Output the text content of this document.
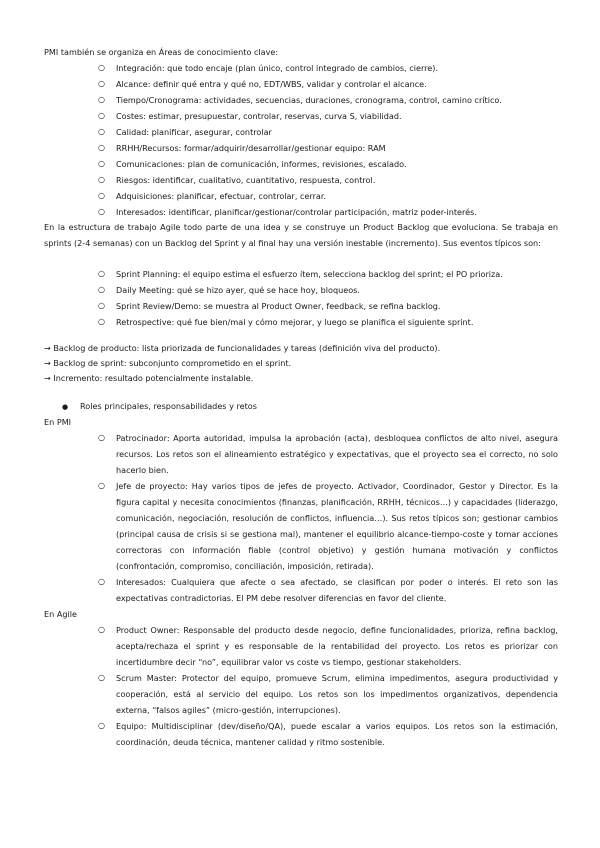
PMI también se organiza en Áreas de conocimiento clave:

○ Integración: que todo encaje (plan único, control integrado de cambios, cierre).
○ Alcance: definir qué entra y qué no, EDT/WBS, validar y controlar el alcance.
○ Tiempo/Cronograma: actividades, secuencias, duraciones, cronograma, control, camino crítico.
○ Costes: estimar, presupuestar, controlar, reservas, curva S, viabilidad.
○ Calidad: planificar, asegurar, controlar
○ RRHH/Recursos: formar/adquirir/desarrollar/gestionar equipo: RAM
○ Comunicaciones: plan de comunicación, informes, revisiones, escalado.
○ Riesgos: identificar, cualitativo, cuantitativo, respuesta, control.
○ Adquisiciones: planificar, efectuar, controlar, cerrar.
○ Interesados: identificar, planificar/gestionar/controlar participación, matriz poder-interés.

En la estructura de trabajo Agile todo parte de una idea y se construye un Product Backlog que evoluciona. Se trabaja en sprints (2-4 semanas) con un Backlog del Sprint y al final hay una versión inestable (incremento). Sus eventos típicos son:

○ Sprint Planning: el equipo estima el esfuerzo ítem, selecciona backlog del sprint; el PO prioriza.
○ Daily Meeting: qué se hizo ayer, qué se hace hoy, bloqueos.
○ Sprint Review/Demo: se muestra al Product Owner, feedback, se refina backlog.
○ Retrospective: qué fue bien/mal y cómo mejorar, y luego se planifica el siguiente sprint.
→ Backlog de producto: lista priorizada de funcionalidades y tareas (definición viva del producto).
→ Backlog de sprint: subconjunto comprometido en el sprint.
→ Incremento: resultado potencialmente instalable.
● Roles principales, responsabilidades y retos
En PMI
○ Patrocinador: Aporta autoridad, impulsa la aprobación (acta), desbloquea conflictos de alto nivel, asegura recursos. Los retos son el alineamiento estratégico y expectativas, que el proyecto sea el correcto, no solo hacerlo bien.
○ Jefe de proyecto: Hay varios tipos de jefes de proyecto. Activador, Coordinador, Gestor y Director. Es la figura capital y necesita conocimientos (finanzas, planificación, RRHH, técnicos…) y capacidades (liderazgo, comunicación, negociación, resolución de conflictos, influencia…). Sus retos típicos son; gestionar cambios (principal causa de crisis si se gestiona mal), mantener el equilibrio alcance-tiempo-coste y tomar acciones correctoras con información fiable (control objetivo) y gestión humana motivación y conflictos (confrontación, compromiso, conciliación, imposición, retirada).
○ Interesados: Cualquiera que afecte o sea afectado, se clasifican por poder o interés. El reto son las expectativas contradictorias. El PM debe resolver diferencias en favor del cliente.
En Agile
○ Product Owner: Responsable del producto desde negocio, define funcionalidades, prioriza, refina backlog, acepta/rechaza el sprint y es responsable de la rentabilidad del proyecto. Los retos es priorizar con incertidumbre decir “no”, equilibrar valor vs coste vs tiempo, gestionar stakeholders.
○ Scrum Master: Protector del equipo, promueve Scrum, elimina impedimentos, asegura productividad y cooperación, está al servicio del equipo. Los retos son los impedimentos organizativos, dependencia externa, “falsos agiles” (micro-gestión, interrupciones).
○ Equipo: Multidisciplinar (dev/diseño/QA), puede escalar a varios equipos. Los retos son la estimación, coordinación, deuda técnica, mantener calidad y ritmo sostenible.
